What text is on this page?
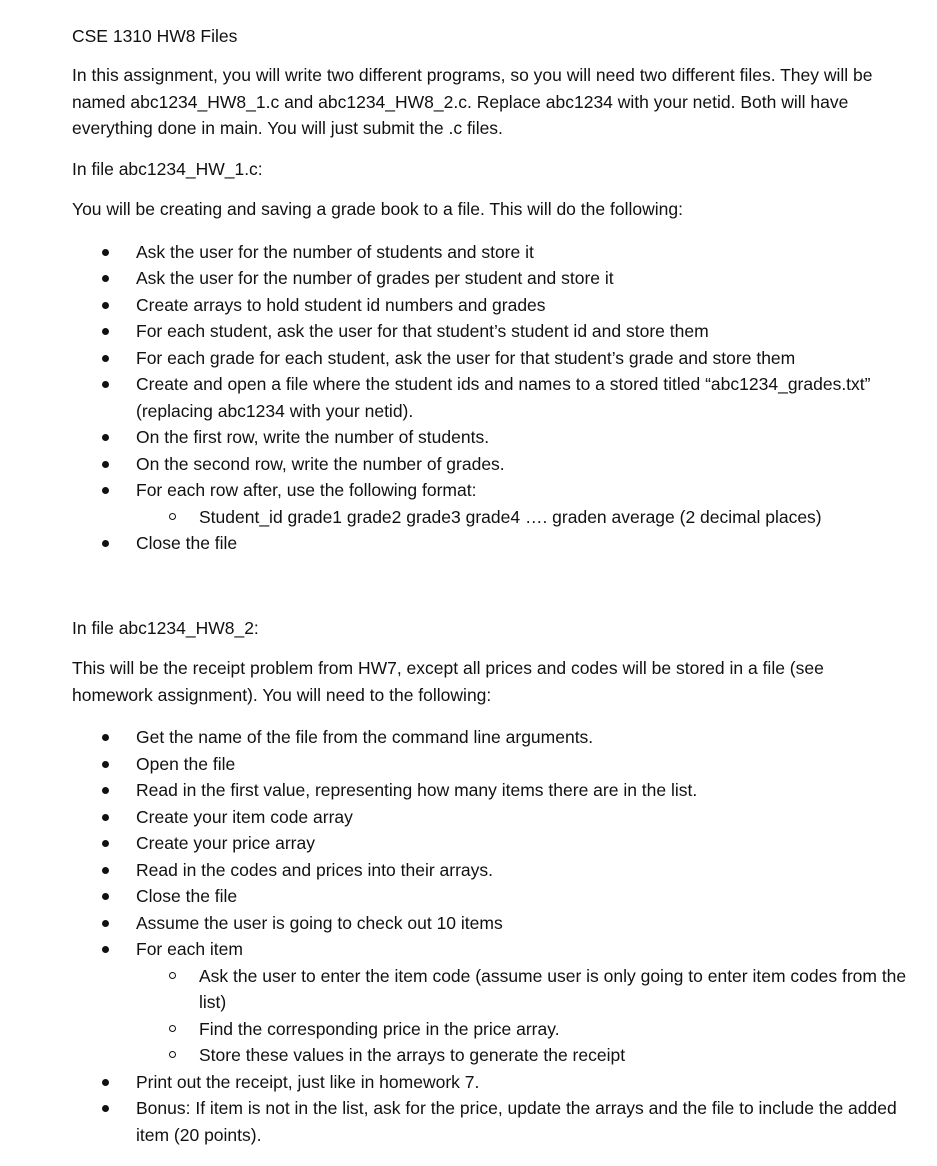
CSE 1310 HW8 Files

In this assignment, you will write two different programs, so you will need two different files. They will be named abc1234_HW8_1.c and abc1234_HW8_2.c. Replace abc1234 with your netid. Both will have everything done in main. You will just submit the .c files.

In file abc1234_HW_1.c:

You will be creating and saving a grade book to a file. This will do the following:

Ask the user for the number of students and store it
Ask the user for the number of grades per student and store it
Create arrays to hold student id numbers and grades
For each student, ask the user for that student’s student id and store them
For each grade for each student, ask the user for that student’s grade and store them
Create and open a file where the student ids and names to a stored titled “abc1234_grades.txt” (replacing abc1234 with your netid).
On the first row, write the number of students.
On the second row, write the number of grades.
For each row after, use the following format:
Student_id grade1 grade2 grade3 grade4 …. graden average (2 decimal places)
Close the file

In file abc1234_HW8_2:

This will be the receipt problem from HW7, except all prices and codes will be stored in a file (see homework assignment). You will need to the following:

Get the name of the file from the command line arguments.
Open the file
Read in the first value, representing how many items there are in the list.
Create your item code array
Create your price array
Read in the codes and prices into their arrays.
Close the file
Assume the user is going to check out 10 items
For each item
Ask the user to enter the item code (assume user is only going to enter item codes from the list)
Find the corresponding price in the price array.
Store these values in the arrays to generate the receipt
Print out the receipt, just like in homework 7.
Bonus: If item is not in the list, ask for the price, update the arrays and the file to include the added item (20 points).
